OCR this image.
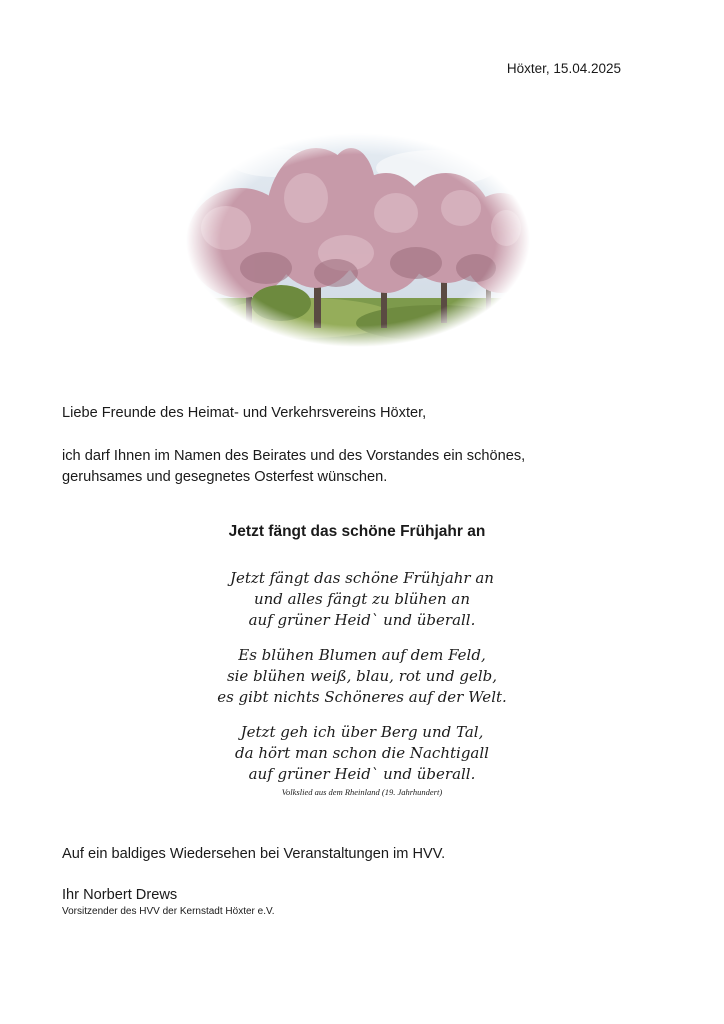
Höxter, 15.04.2025
Liebe Freunde des Heimat- und Verkehrsvereins Höxter,
ich darf Ihnen im Namen des Beirates und des Vorstandes ein schönes,
geruhsames und gesegnetes Osterfest wünschen.
Jetzt fängt das schöne Frühjahr an
Jetzt fängt das schöne Frühjahr an
und alles fängt zu blühen an
auf grüner Heid` und überall.
Es blühen Blumen auf dem Feld,
sie blühen weiß, blau, rot und gelb,
es gibt nichts Schöneres auf der Welt.
Jetzt geh ich über Berg und Tal,
da hört man schon die Nachtigall
auf grüner Heid` und überall.
Volkslied aus dem Rheinland (19. Jahrhundert)
Auf ein baldiges Wiedersehen bei Veranstaltungen im HVV.
Ihr Norbert Drews
Vorsitzender des HVV der Kernstadt Höxter e.V.
